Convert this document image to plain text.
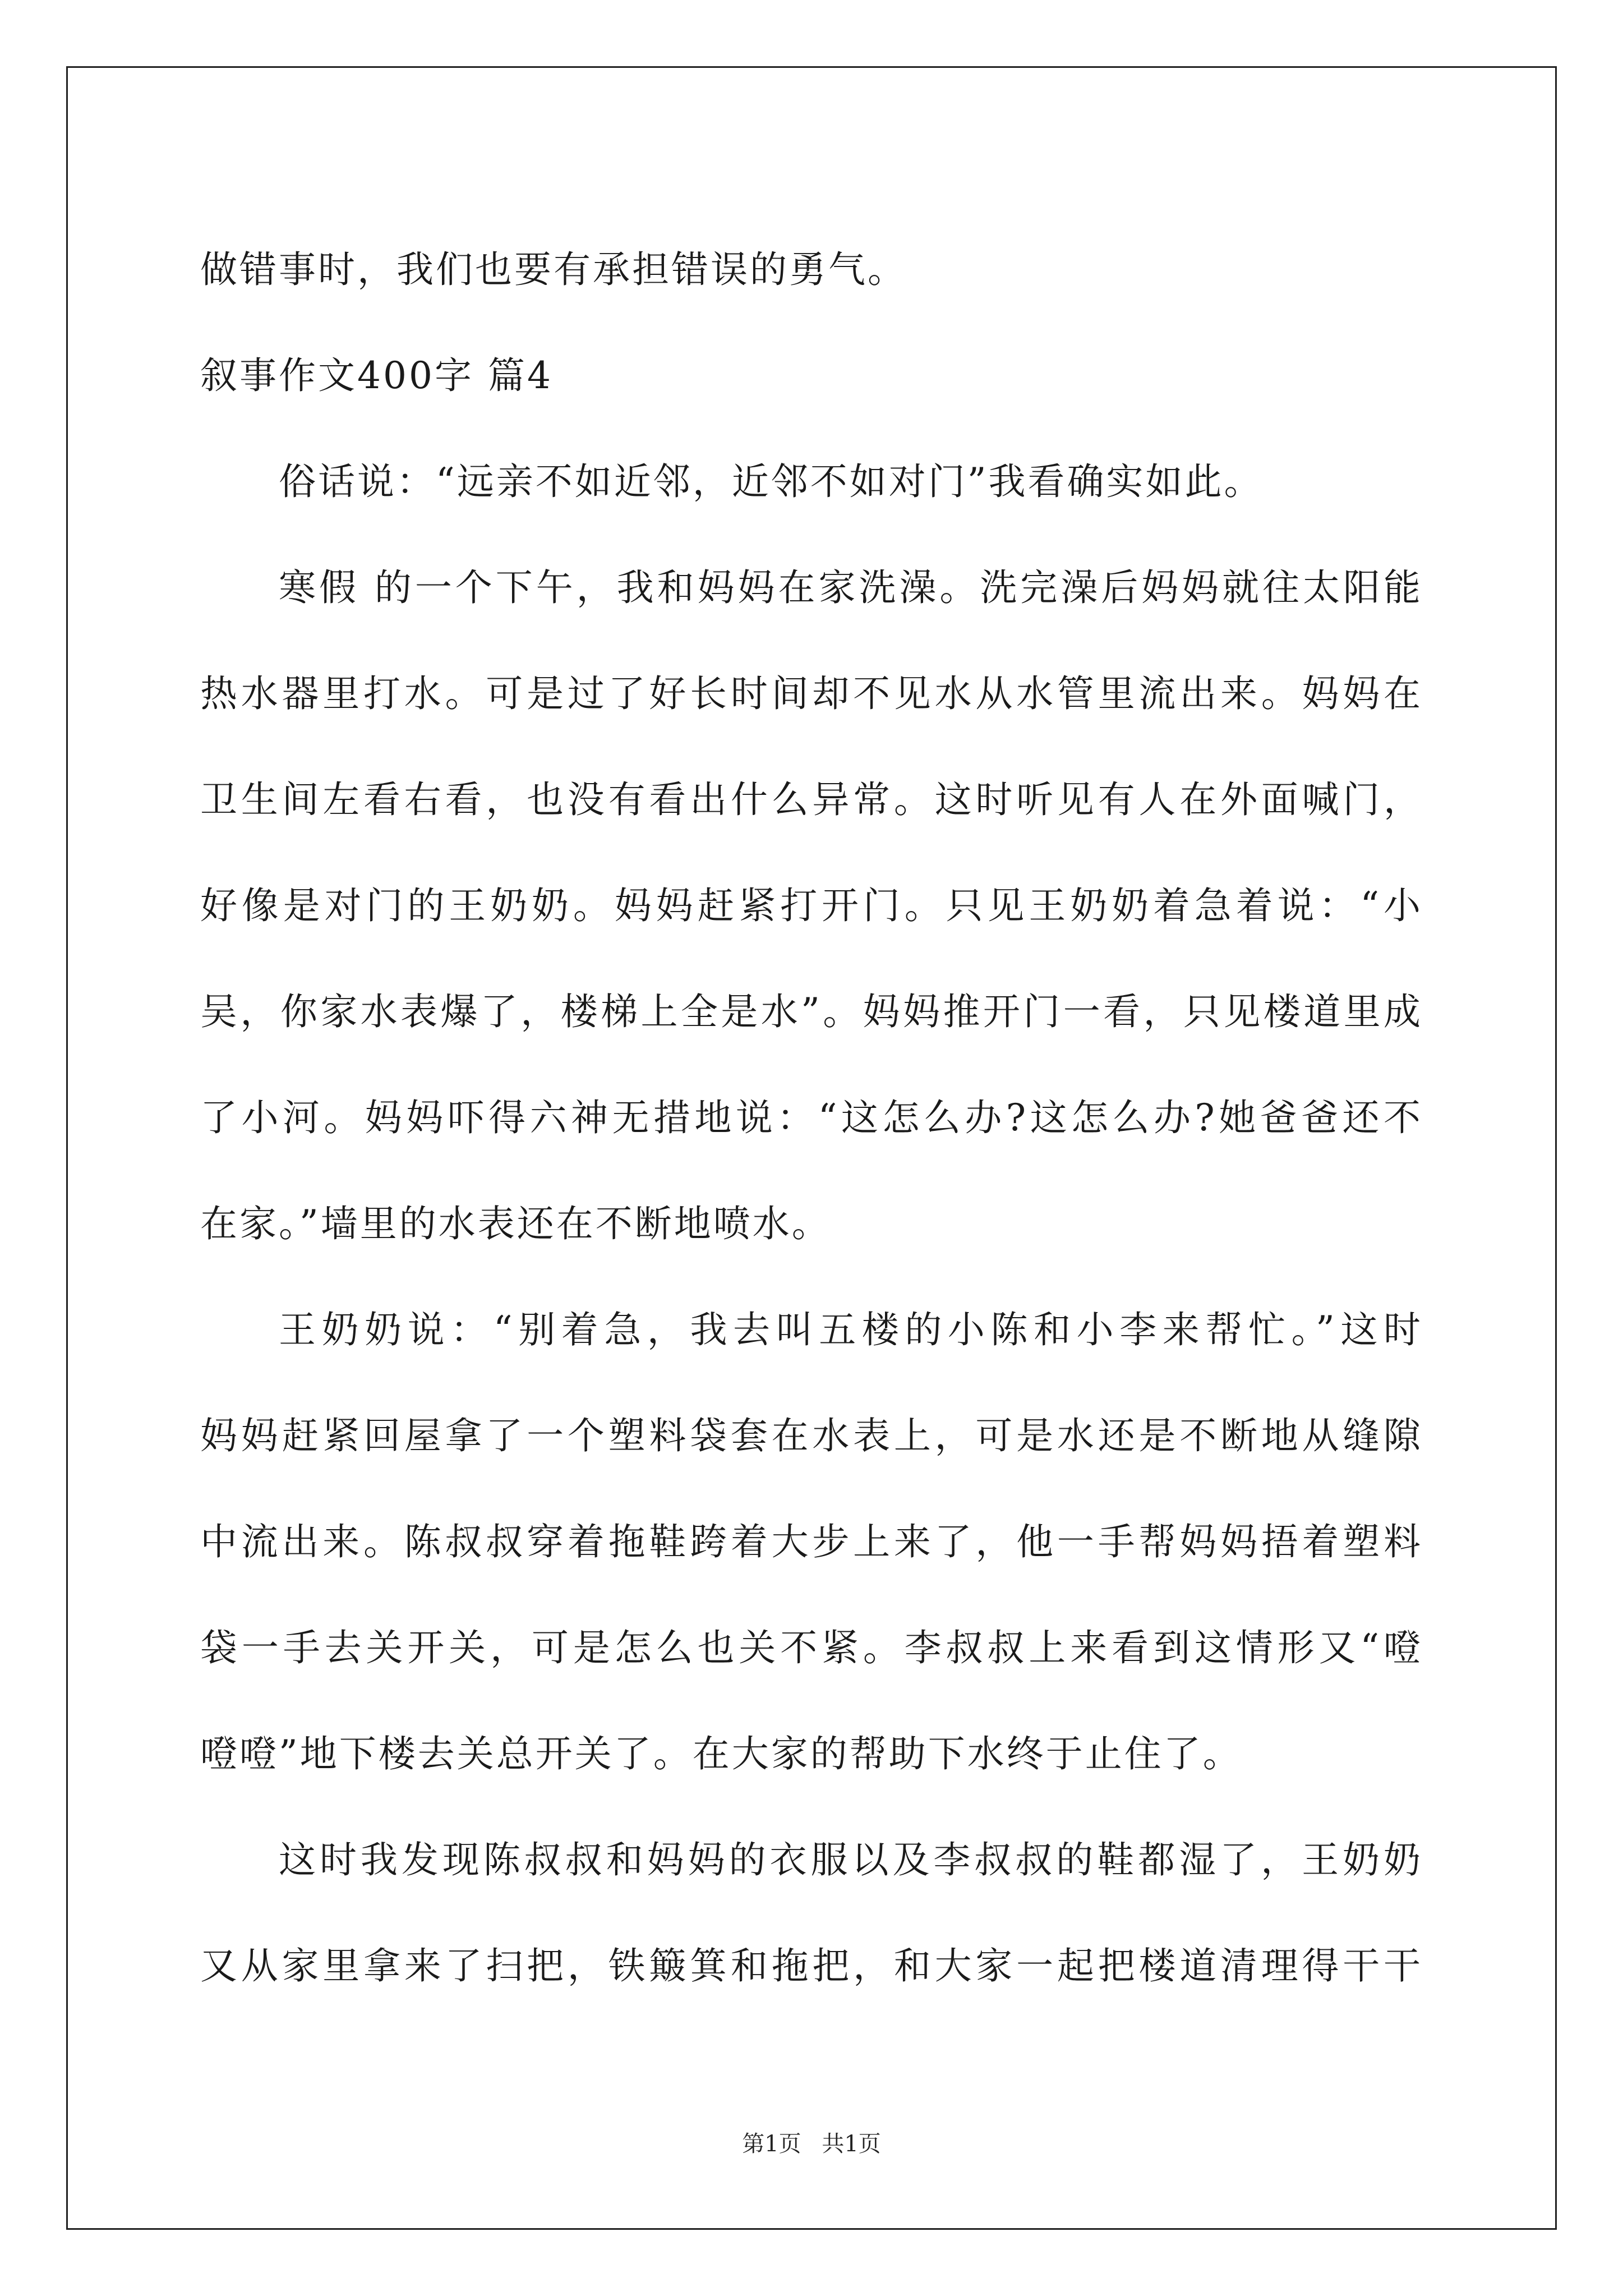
做错事时，我们也要有承担错误的勇气。
叙事作文400字 篇4
俗话说：“远亲不如近邻，近邻不如对门”我看确实如此。
寒假 的一个下午，我和妈妈在家洗澡。洗完澡后妈妈就往太阳能
热水器里打水。可是过了好长时间却不见水从水管里流出来。妈妈在
卫生间左看右看，也没有看出什么异常。这时听见有人在外面喊门，
好像是对门的王奶奶。妈妈赶紧打开门。只见王奶奶着急着说：“小
吴，你家水表爆了，楼梯上全是水”。妈妈推开门一看，只见楼道里成
了小河。妈妈吓得六神无措地说：“这怎么办?这怎么办?她爸爸还不
在家。”墙里的水表还在不断地喷水。
王奶奶说：“别着急，我去叫五楼的小陈和小李来帮忙。”这时
妈妈赶紧回屋拿了一个塑料袋套在水表上，可是水还是不断地从缝隙
中流出来。陈叔叔穿着拖鞋跨着大步上来了，他一手帮妈妈捂着塑料
袋一手去关开关，可是怎么也关不紧。李叔叔上来看到这情形又“噔
噔噔”地下楼去关总开关了。在大家的帮助下水终于止住了。
这时我发现陈叔叔和妈妈的衣服以及李叔叔的鞋都湿了，王奶奶
又从家里拿来了扫把，铁簸箕和拖把，和大家一起把楼道清理得干干
第1页 共1页
